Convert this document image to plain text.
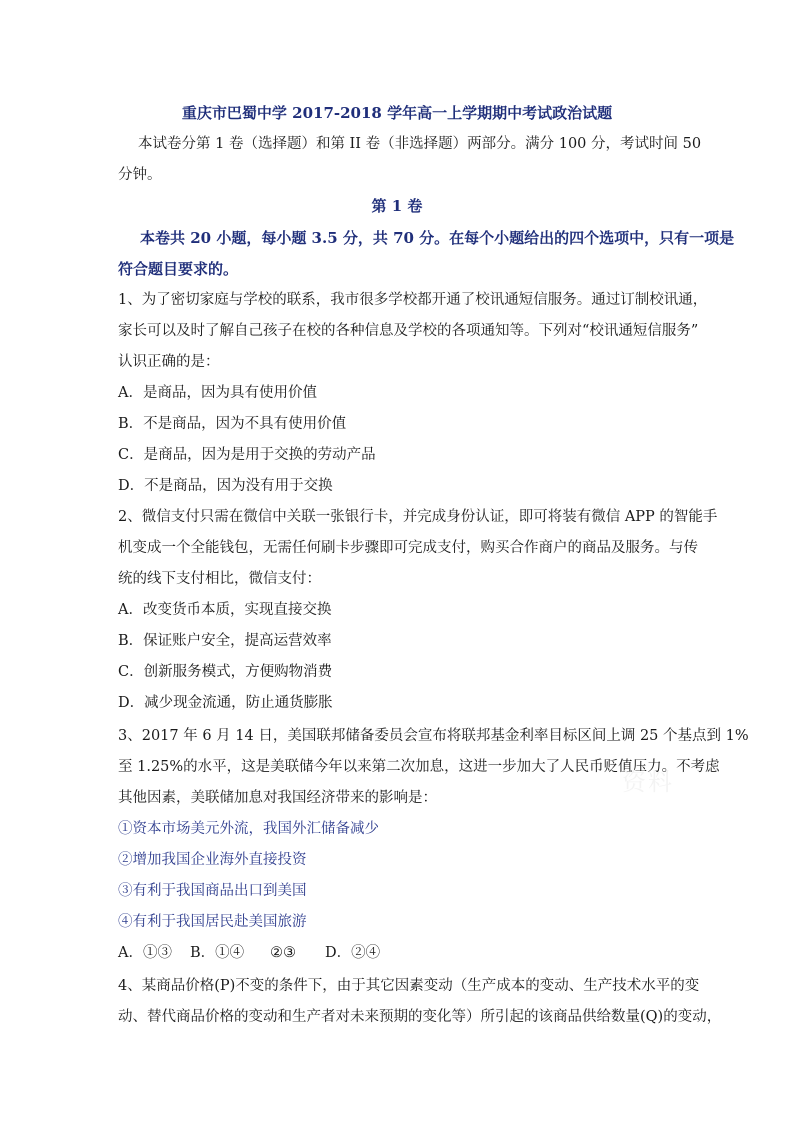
重庆市巴蜀中学 2017-2018 学年高一上学期期中考试政治试题
本试卷分第 1 卷（选择题）和第 II 卷（非选择题）两部分。满分 100 分，考试时间 50
分钟。
第 1 卷
本卷共 20 小题，每小题 3.5 分，共 70 分。在每个小题给出的四个选项中，只有一项是
符合题目要求的。
1、为了密切家庭与学校的联系，我市很多学校都开通了校讯通短信服务。通过订制校讯通，
家长可以及时了解自己孩子在校的各种信息及学校的各项通知等。下列对“校讯通短信服务”
认识正确的是：
A．是商品，因为具有使用价值
B．不是商品，因为不具有使用价值
C．是商品，因为是用于交换的劳动产品
D．不是商品，因为没有用于交换
2、微信支付只需在微信中关联一张银行卡，并完成身份认证，即可将装有微信 APP 的智能手
机变成一个全能钱包，无需任何刷卡步骤即可完成支付，购买合作商户的商品及服务。与传
统的线下支付相比，微信支付：
A．改变货币本质，实现直接交换
B．保证账户安全，提高运营效率
C．创新服务模式，方便购物消费
D．减少现金流通，防止通货膨胀
3、2017 年 6 月 14 日，美国联邦储备委员会宣布将联邦基金利率目标区间上调 25 个基点到 1%
至 1.25%的水平，这是美联储今年以来第二次加息，这进一步加大了人民币贬值压力。不考虑
其他因素，美联储加息对我国经济带来的影响是：
①资本市场美元外流，我国外汇储备减少
②增加我国企业海外直接投资
③有利于我国商品出口到美国
④有利于我国居民赴美国旅游
A．①③ B．①④ ②③ D．②④
4、某商品价格(P)不变的条件下，由于其它因素变动（生产成本的变动、生产技术水平的变
动、替代商品价格的变动和生产者对未来预期的变化等）所引起的该商品供给数量(Q)的变动，
资料
